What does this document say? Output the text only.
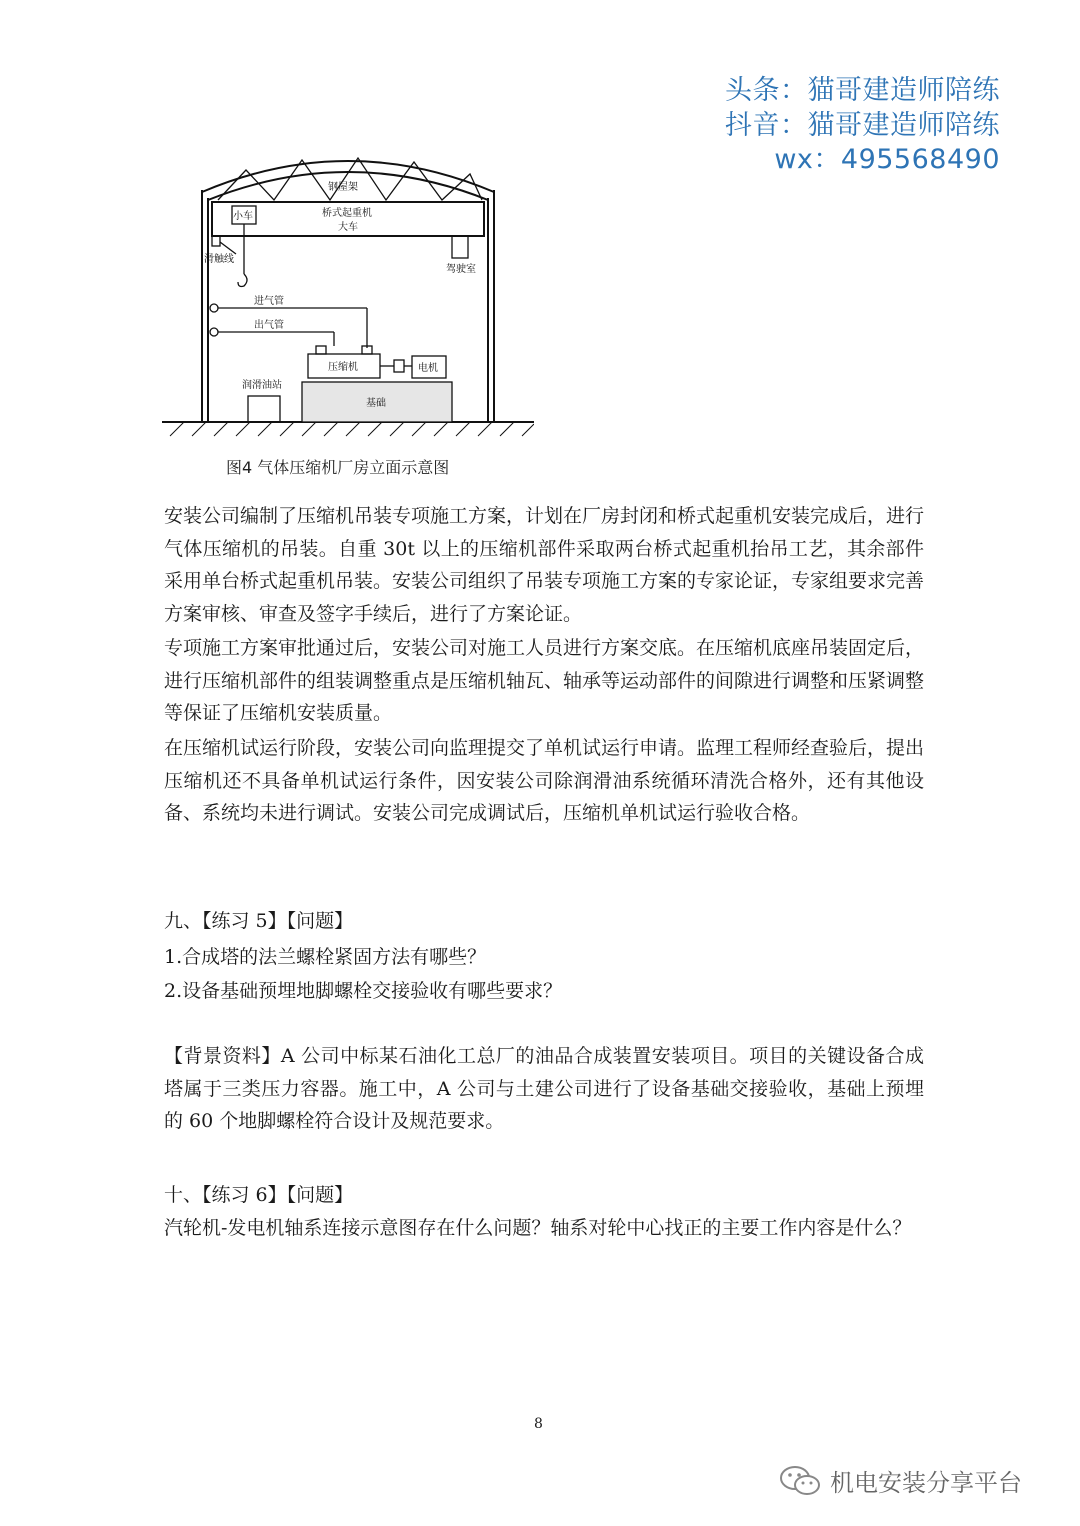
头条：猫哥建造师陪练
抖音：猫哥建造师陪练
wx：495568490
钢屋架
小车	桥式起重机
大车
滑触线
驾驶室
进气管
出气管
压缩机	电机
润滑油站
基础
图4 气体压缩机厂房立面示意图

安装公司编制了压缩机吊装专项施工方案，计划在厂房封闭和桥式起重机安装完成后，进行气体压缩机的吊装。自重 30t 以上的压缩机部件采取两台桥式起重机抬吊工艺，其余部件采用单台桥式起重机吊装。安装公司组织了吊装专项施工方案的专家论证，专家组要求完善方案审核、审查及签字手续后，进行了方案论证。

专项施工方案审批通过后，安装公司对施工人员进行方案交底。在压缩机底座吊装固定后，进行压缩机部件的组装调整重点是压缩机轴瓦、轴承等运动部件的间隙进行调整和压紧调整等保证了压缩机安装质量。

在压缩机试运行阶段，安装公司向监理提交了单机试运行申请。监理工程师经查验后，提出压缩机还不具备单机试运行条件，因安装公司除润滑油系统循环清洗合格外，还有其他设备、系统均未进行调试。安装公司完成调试后，压缩机单机试运行验收合格。

九、【练习 5】【问题】

1.合成塔的法兰螺栓紧固方法有哪些？

2.设备基础预埋地脚螺栓交接验收有哪些要求？

【背景资料】A 公司中标某石油化工总厂的油品合成装置安装项目。项目的关键设备合成塔属于三类压力容器。施工中，A 公司与土建公司进行了设备基础交接验收，基础上预埋的 60 个地脚螺栓符合设计及规范要求。

十、【练习 6】【问题】

汽轮机-发电机轴系连接示意图存在什么问题？轴系对轮中心找正的主要工作内容是什么？

8
机电安装分享平台
